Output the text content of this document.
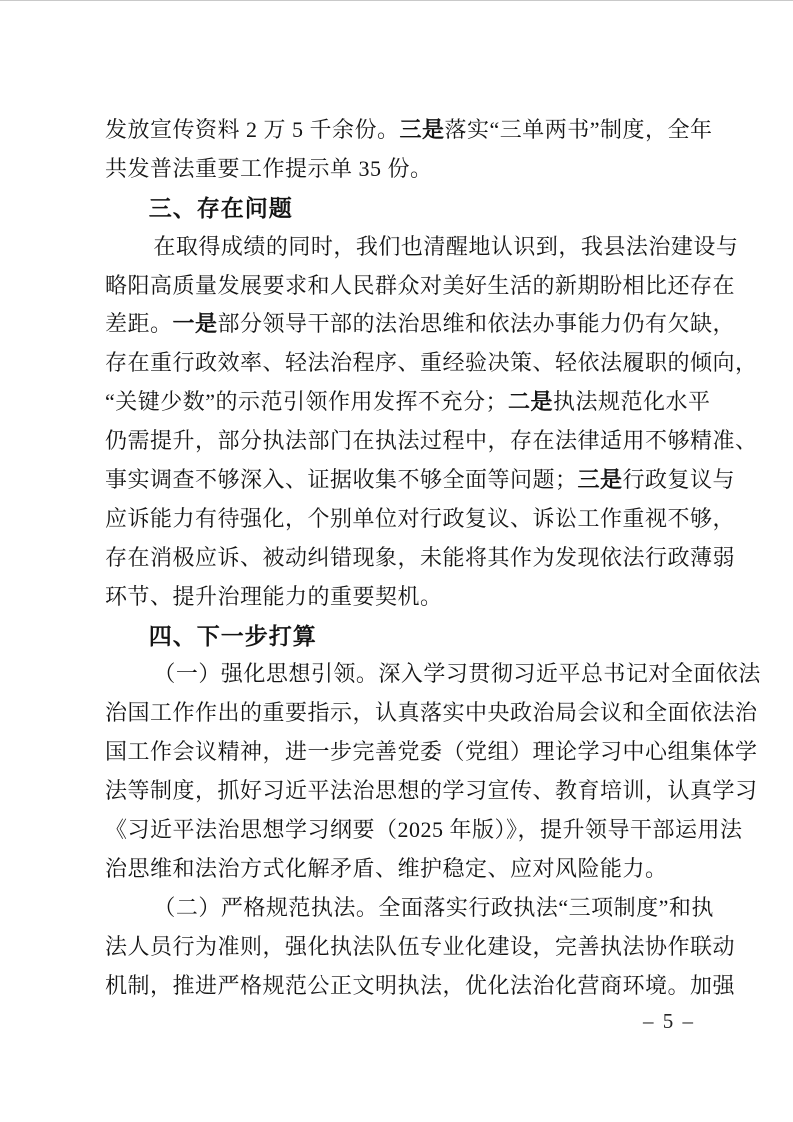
发放宣传资料 2 万 5 千余份。三是落实“三单两书”制度，全年
共发普法重要工作提示单 35 份。
三、存在问题
在取得成绩的同时，我们也清醒地认识到，我县法治建设与
略阳高质量发展要求和人民群众对美好生活的新期盼相比还存在
差距。一是部分领导干部的法治思维和依法办事能力仍有欠缺，
存在重行政效率、轻法治程序、重经验决策、轻依法履职的倾向，
“关键少数”的示范引领作用发挥不充分；二是执法规范化水平
仍需提升，部分执法部门在执法过程中，存在法律适用不够精准、
事实调查不够深入、证据收集不够全面等问题；三是行政复议与
应诉能力有待强化，个别单位对行政复议、诉讼工作重视不够，
存在消极应诉、被动纠错现象，未能将其作为发现依法行政薄弱
环节、提升治理能力的重要契机。
四、下一步打算
（一）强化思想引领。深入学习贯彻习近平总书记对全面依法
治国工作作出的重要指示，认真落实中央政治局会议和全面依法治
国工作会议精神，进一步完善党委（党组）理论学习中心组集体学
法等制度，抓好习近平法治思想的学习宣传、教育培训，认真学习
《习近平法治思想学习纲要（2025 年版）》，提升领导干部运用法
治思维和法治方式化解矛盾、维护稳定、应对风险能力。
（二）严格规范执法。全面落实行政执法“三项制度”和执
法人员行为准则，强化执法队伍专业化建设，完善执法协作联动
机制，推进严格规范公正文明执法，优化法治化营商环境。加强
– 5 –
